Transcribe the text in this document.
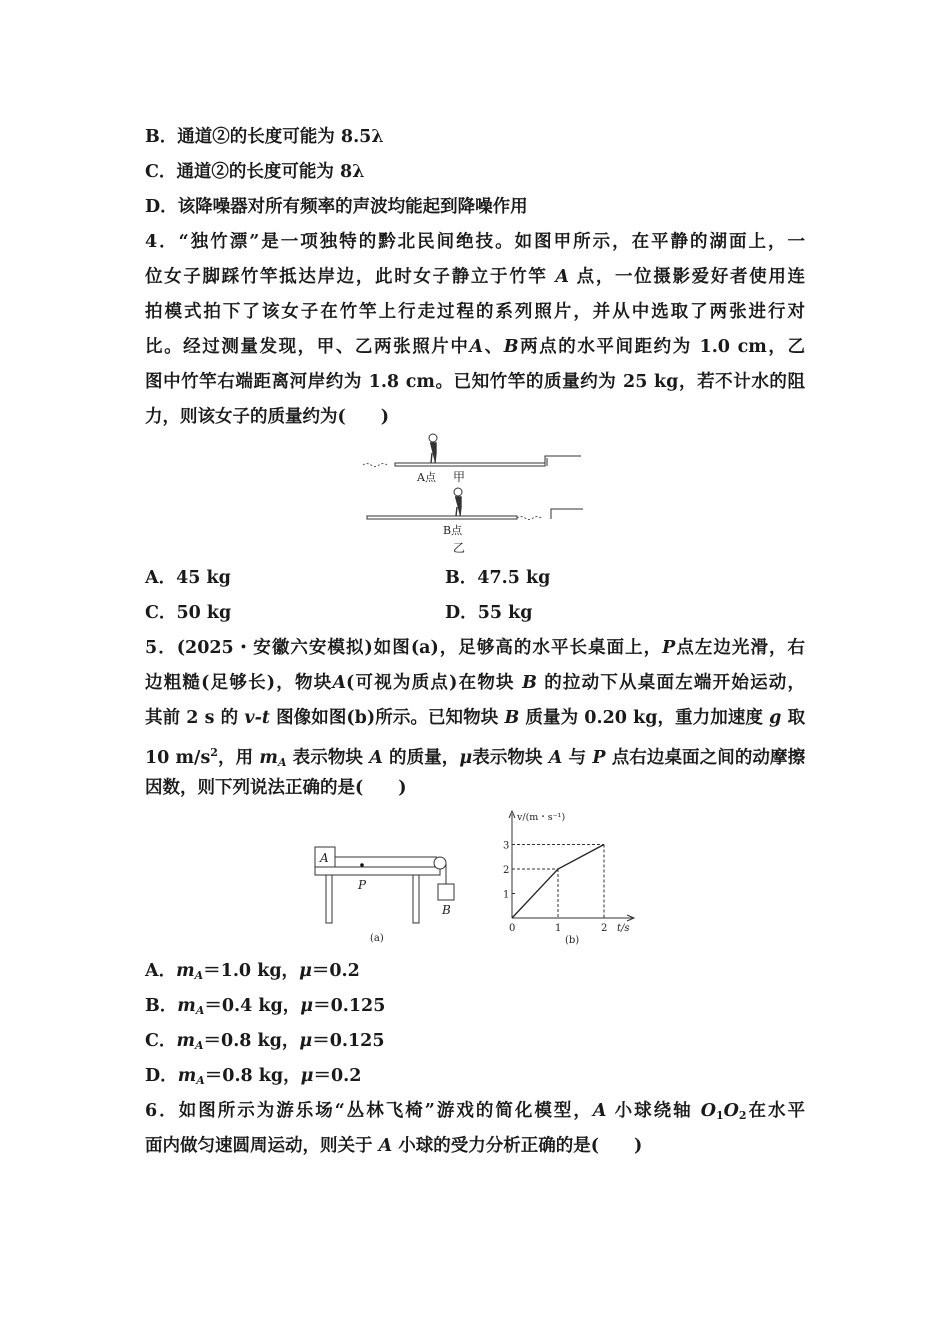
B．通道②的长度可能为 8.5λ
C．通道②的长度可能为 8λ
D．该降噪器对所有频率的声波均能起到降噪作用
4．“独竹漂”是一项独特的黔北民间绝技。如图甲所示，在平静的湖面上，一
位女子脚踩竹竿抵达岸边，此时女子静立于竹竿 A 点，一位摄影爱好者使用连
拍模式拍下了该女子在竹竿上行走过程的系列照片，并从中选取了两张进行对
比。经过测量发现，甲、乙两张照片中A、B两点的水平间距约为 1.0 cm，乙
图中竹竿右端距离河岸约为 1.8 cm。已知竹竿的质量约为 25 kg，若不计水的阻
力，则该女子的质量约为(　　)
A点 甲
B点
乙
A．45 kg	B．47.5 kg
C．50 kg	D．55 kg
5．(2025・安徽六安模拟)如图(a)，足够高的水平长桌面上，P点左边光滑，右
边粗糙(足够长)，物块A(可视为质点)在物块 B 的拉动下从桌面左端开始运动，
其前 2 s 的 v-t 图像如图(b)所示。已知物块 B 质量为 0.20 kg，重力加速度 g 取
10 $m/s^2$，用 $m_A$ 表示物块 A 的质量，μ表示物块 A 与 P 点右边桌面之间的动摩擦
因数，则下列说法正确的是(　　)
A
P
B
(a)
v/(m・s⁻¹)
t/s
1
2
3
0	1	2
(b)
A．$m_A=1.0$ kg，μ＝0.2
B．$m_A=0.4$ kg，μ＝0.125
C．$m_A=0.8$ kg，μ＝0.125
D．$m_A=0.8$ kg，μ＝0.2
6．如图所示为游乐场“丛林飞椅”游戏的简化模型，A 小球绕轴 $O_1O_2$在水平
面内做匀速圆周运动，则关于 A 小球的受力分析正确的是(　　)
